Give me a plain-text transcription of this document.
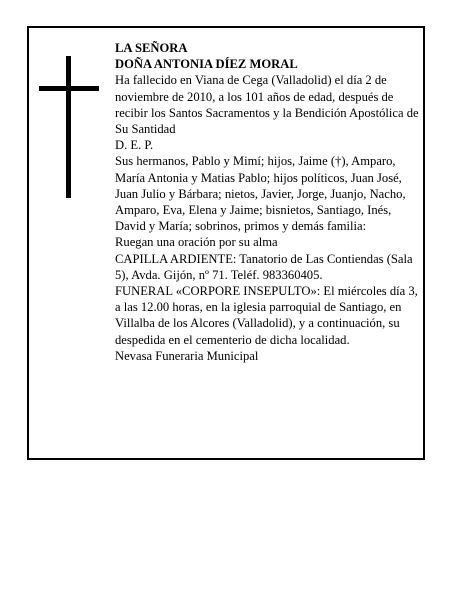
LA SEÑORA

DOÑA ANTONIA DÍEZ MORAL

Ha fallecido en Viana de Cega (Valladolid) el día 2 de noviembre de 2010, a los 101 años de edad, después de recibir los Santos Sacramentos y la Bendición Apostólica de Su Santidad

D. E. P.

Sus hermanos, Pablo y Mimí; hijos, Jaime (†), Amparo, María Antonia y Matias Pablo; hijos políticos, Juan José, Juan Julio y Bárbara; nietos, Javier, Jorge, Juanjo, Nacho, Amparo, Eva, Elena y Jaime; bisnietos, Santiago, Inés, David y María; sobrinos, primos y demás familia:

Ruegan una oración por su alma

CAPILLA ARDIENTE: Tanatorio de Las Contiendas (Sala 5), Avda. Gijón, nº 71. Teléf. 983360405.

FUNERAL «CORPORE INSEPULTO»: El miércoles día 3, a las 12.00 horas, en la iglesia parroquial de Santiago, en Villalba de los Alcores (Valladolid), y a continuación, su despedida en el cementerio de dicha localidad.

Nevasa Funeraria Municipal
